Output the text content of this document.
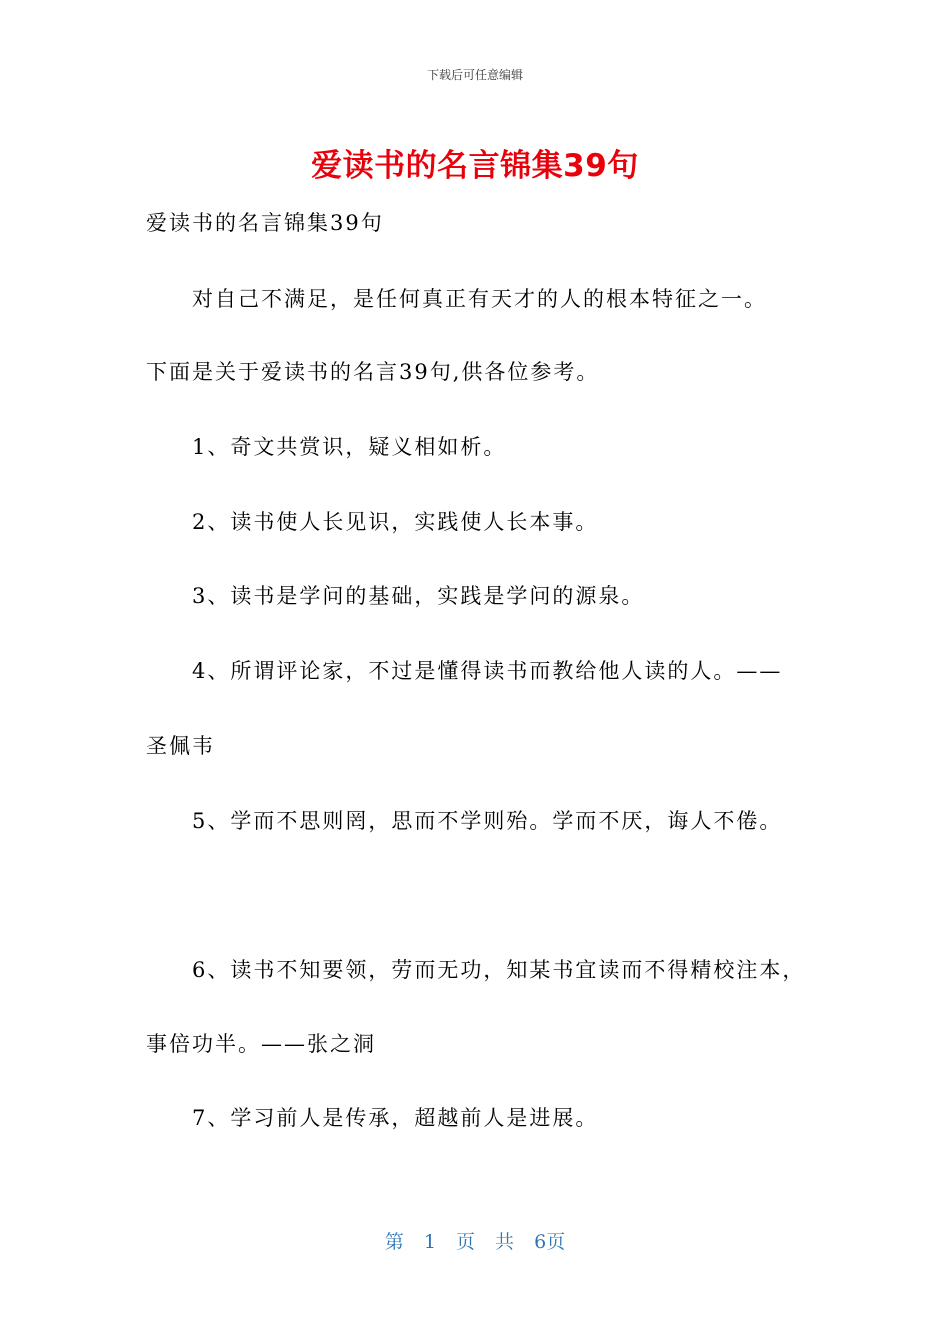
下载后可任意编辑
爱读书的名言锦集39句
爱读书的名言锦集39句
对自己不满足，是任何真正有天才的人的根本特征之一。
下面是关于爱读书的名言39句,供各位参考。
1、奇文共赏识，疑义相如析。
2、读书使人长见识，实践使人长本事。
3、读书是学问的基础，实践是学问的源泉。
4、所谓评论家，不过是懂得读书而教给他人读的人。——
圣佩韦
5、学而不思则罔，思而不学则殆。学而不厌，诲人不倦。
6、读书不知要领，劳而无功，知某书宜读而不得精校注本，
事倍功半。——张之洞
7、学习前人是传承，超越前人是进展。
第 1 页 共 6页
